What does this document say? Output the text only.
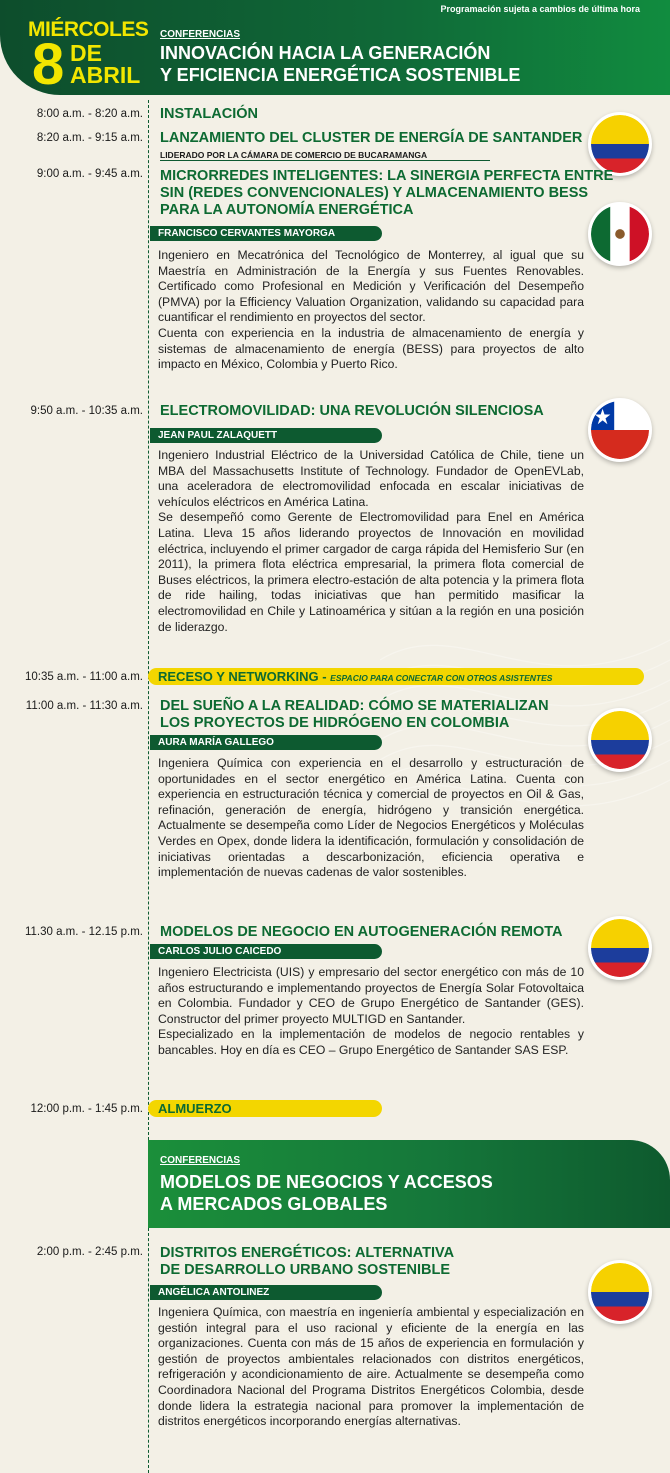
Programación sujeta a cambios de última hora
MIÉRCOLES
8 DE
ABRIL
CONFERENCIAS
INNOVACIÓN HACIA LA GENERACIÓN
Y EFICIENCIA ENERGÉTICA SOSTENIBLE
8:00 a.m. - 8:20 a.m. INSTALACIÓN
8:20 a.m. - 9:15 a.m. LANZAMIENTO DEL CLUSTER DE ENERGÍA DE SANTANDER
LIDERADO POR LA CÁMARA DE COMERCIO DE BUCARAMANGA
9:00 a.m. - 9:45 a.m. MICRORREDES INTELIGENTES: LA SINERGIA PERFECTA ENTRE
SIN (REDES CONVENCIONALES) Y ALMACENAMIENTO BESS
PARA LA AUTONOMÍA ENERGÉTICA
FRANCISCO CERVANTES MAYORGA

Ingeniero en Mecatrónica del Tecnológico de Monterrey, al igual que su Maestría en Administración de la Energía y sus Fuentes Renovables. Certificado como Profesional en Medición y Verificación del Desempeño (PMVA) por la Efficiency Valuation Organization, validando su capacidad para cuantificar el rendimiento en proyectos del sector.

Cuenta con experiencia en la industria de almacenamiento de energía y sistemas de almacenamiento de energía (BESS) para proyectos de alto impacto en México, Colombia y Puerto Rico.

9:50 a.m. - 10:35 a.m. ELECTROMOVILIDAD: UNA REVOLUCIÓN SILENCIOSA
JEAN PAUL ZALAQUETT

Ingeniero Industrial Eléctrico de la Universidad Católica de Chile, tiene un MBA del Massachusetts Institute of Technology. Fundador de OpenEVLab, una aceleradora de electromovilidad enfocada en escalar iniciativas de vehículos eléctricos en América Latina.

Se desempeñó como Gerente de Electromovilidad para Enel en América Latina. Lleva 15 años liderando proyectos de Innovación en movilidad eléctrica, incluyendo el primer cargador de carga rápida del Hemisferio Sur (en 2011), la primera flota eléctrica empresarial, la primera flota comercial de Buses eléctricos, la primera electro-estación de alta potencia y la primera flota de ride hailing, todas iniciativas que han permitido masificar la electromovilidad en Chile y Latinoamérica y sitúan a la región en una posición de liderazgo.

10:35 a.m. - 11:00 a.m.	RECESO Y NETWORKING - ESPACIO PARA CONECTAR CON OTROS ASISTENTES
11:00 a.m. - 11:30 a.m. DEL SUEÑO A LA REALIDAD: CÓMO SE MATERIALIZAN
LOS PROYECTOS DE HIDRÓGENO EN COLOMBIA
AURA MARÍA GALLEGO

Ingeniera Química con experiencia en el desarrollo y estructuración de oportunidades en el sector energético en América Latina. Cuenta con experiencia en estructuración técnica y comercial de proyectos en Oil & Gas, refinación, generación de energía, hidrógeno y transición energética. Actualmente se desempeña como Líder de Negocios Energéticos y Moléculas Verdes en Opex, donde lidera la identificación, formulación y consolidación de iniciativas orientadas a descarbonización, eficiencia operativa e implementación de nuevas cadenas de valor sostenibles.

11.30 a.m. - 12.15 p.m. MODELOS DE NEGOCIO EN AUTOGENERACIÓN REMOTA
CARLOS JULIO CAICEDO

Ingeniero Electricista (UIS) y empresario del sector energético con más de 10 años estructurando e implementando proyectos de Energía Solar Fotovoltaica en Colombia. Fundador y CEO de Grupo Energético de Santander (GES). Constructor del primer proyecto MULTIGD en Santander.

Especializado en la implementación de modelos de negocio rentables y bancables. Hoy en día es CEO – Grupo Energético de Santander SAS ESP.

12:00 p.m. - 1:45 p.m.	ALMUERZO
CONFERENCIAS
MODELOS DE NEGOCIOS Y ACCESOS
A MERCADOS GLOBALES
2:00 p.m. - 2:45 p.m. DISTRITOS ENERGÉTICOS: ALTERNATIVA
DE DESARROLLO URBANO SOSTENIBLE
ANGÉLICA ANTOLINEZ

Ingeniera Química, con maestría en ingeniería ambiental y especialización en gestión integral para el uso racional y eficiente de la energía en las organizaciones. Cuenta con más de 15 años de experiencia en formulación y gestión de proyectos ambientales relacionados con distritos energéticos, refrigeración y acondicionamiento de aire. Actualmente se desempeña como Coordinadora Nacional del Programa Distritos Energéticos Colombia, desde donde lidera la estrategia nacional para promover la implementación de distritos energéticos incorporando energías alternativas.
